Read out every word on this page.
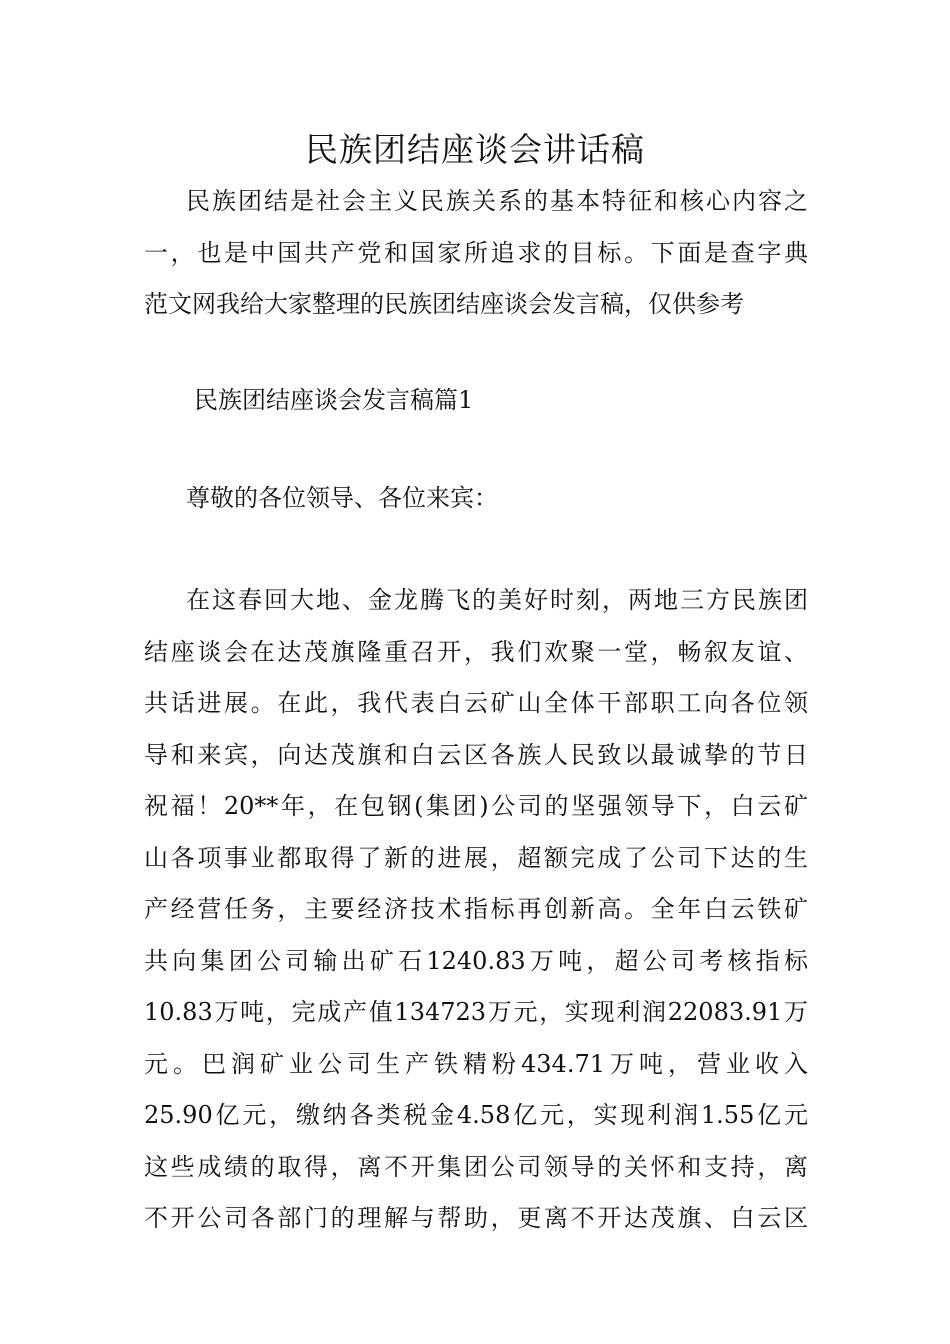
民族团结座谈会讲话稿
民族团结是社会主义民族关系的基本特征和核心内容之
一，也是中国共产党和国家所追求的目标。下面是查字典
范文网我给大家整理的民族团结座谈会发言稿，仅供参考
民族团结座谈会发言稿篇1
尊敬的各位领导、各位来宾：
在这春回大地、金龙腾飞的美好时刻，两地三方民族团
结座谈会在达茂旗隆重召开，我们欢聚一堂，畅叙友谊、
共话进展。在此，我代表白云矿山全体干部职工向各位领
导和来宾，向达茂旗和白云区各族人民致以最诚挚的节日
祝福！20**年，在包钢(集团)公司的坚强领导下，白云矿
山各项事业都取得了新的进展，超额完成了公司下达的生
产经营任务，主要经济技术指标再创新高。全年白云铁矿
共向集团公司输出矿石1240.83万吨，超公司考核指标
10.83万吨，完成产值134723万元，实现利润22083.91万
元。巴润矿业公司生产铁精粉434.71万吨，营业收入
25.90亿元，缴纳各类税金4.58亿元，实现利润1.55亿元
这些成绩的取得，离不开集团公司领导的关怀和支持，离
不开公司各部门的理解与帮助，更离不开达茂旗、白云区
